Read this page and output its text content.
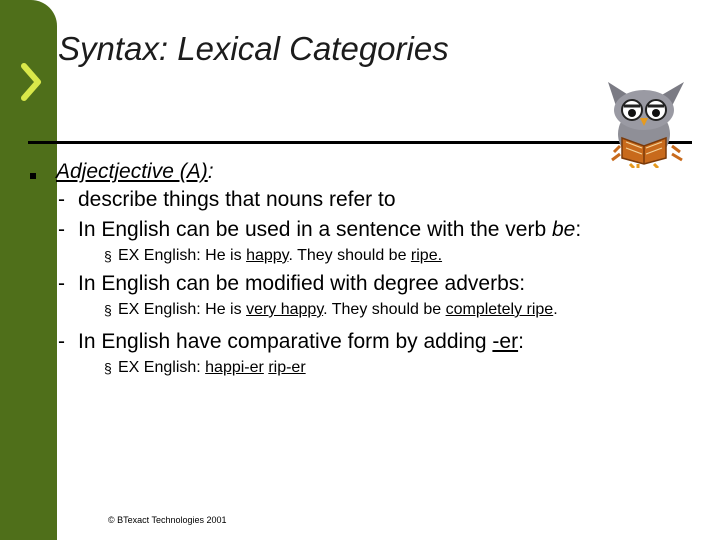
Syntax: Lexical Categories
Adjectjective (A):
- describe things that nouns refer to
- In English can be used in a sentence with the verb be:
§ EX English: He is happy. They should be ripe.
- In English can be modified with degree adverbs:
§ EX English: He is very happy. They should be completely ripe.
- In English have comparative form by adding -er:
§ EX English: happi-er rip-er
© BTexact Technologies 2001
